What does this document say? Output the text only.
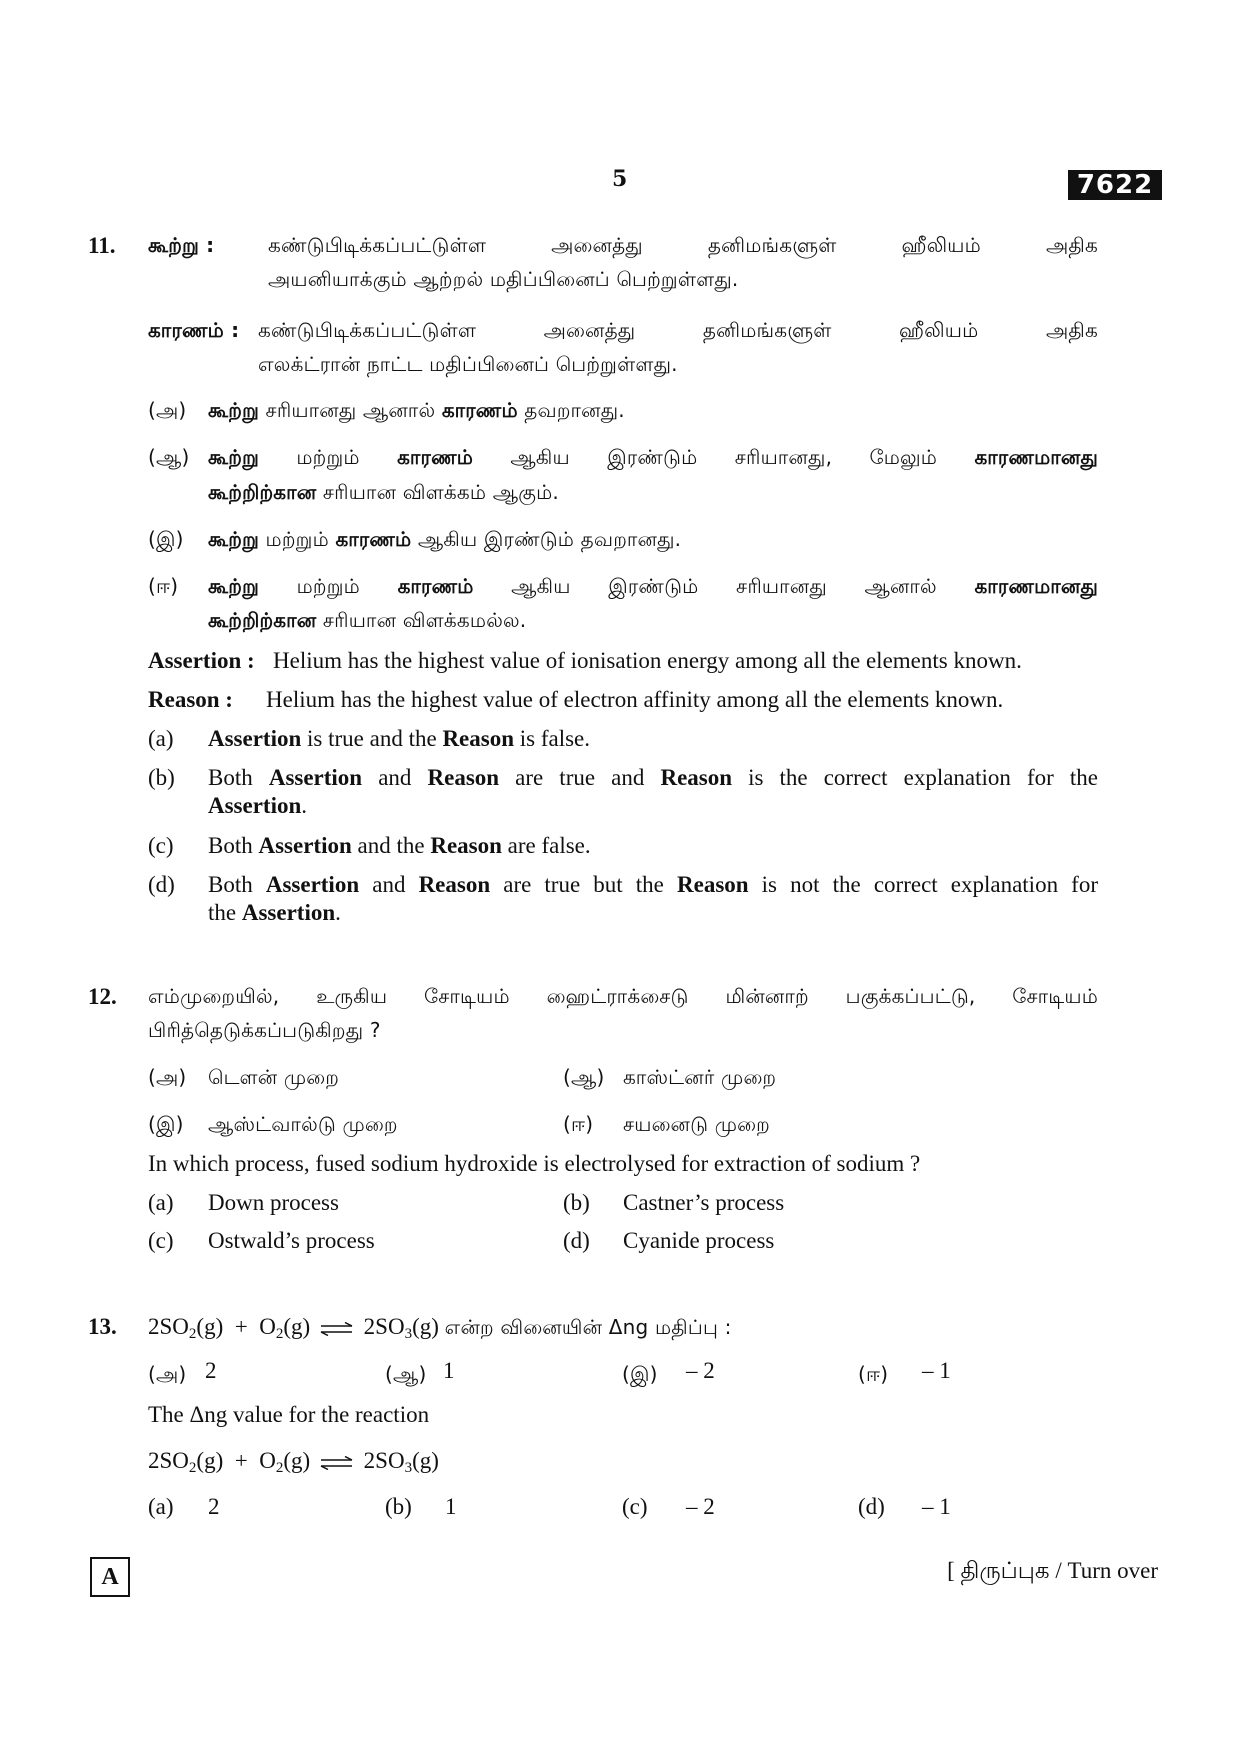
5	7622
11. கூற்று :	கண்டுபிடிக்கப்பட்டுள்ள அனைத்து தனிமங்களுள் ஹீலியம் அதிக
அயனியாக்கும் ஆற்றல் மதிப்பினைப் பெற்றுள்ளது.
காரணம் : கண்டுபிடிக்கப்பட்டுள்ள அனைத்து தனிமங்களுள் ஹீலியம் அதிக
எலக்ட்ரான் நாட்ட மதிப்பினைப் பெற்றுள்ளது.
(அ) கூற்று சரியானது ஆனால் காரணம் தவறானது.
(ஆ) கூற்று மற்றும் காரணம் ஆகிய இரண்டும் சரியானது, மேலும் காரணமானது
கூற்றிற்கான சரியான விளக்கம் ஆகும்.
(இ) கூற்று மற்றும் காரணம் ஆகிய இரண்டும் தவறானது.
(ஈ) கூற்று மற்றும் காரணம் ஆகிய இரண்டும் சரியானது ஆனால் காரணமானது
கூற்றிற்கான சரியான விளக்கமல்ல.
Assertion : Helium has the highest value of ionisation energy among all the elements known.
Reason : Helium has the highest value of electron affinity among all the elements known.
(a) Assertion is true and the Reason is false.
(b) Both Assertion and Reason are true and Reason is the correct explanation for the
Assertion.
(c) Both Assertion and the Reason are false.
(d) Both Assertion and Reason are true but the Reason is not the correct explanation for
the Assertion.
12. எம்முறையில், உருகிய சோடியம் ஹைட்ராக்சைடு மின்னாற் பகுக்கப்பட்டு, சோடியம்
பிரித்தெடுக்கப்படுகிறது ?
(அ) டௌன் முறை	(ஆ) காஸ்ட்னர் முறை
(இ) ஆஸ்ட்வால்டு முறை	(ஈ) சயனைடு முறை
In which process, fused sodium hydroxide is electrolysed for extraction of sodium ?
(a) Down process	(b) Castner’s process
(c) Ostwald’s process	(d) Cyanide process
13. $2SO_2(g) + O_2(g)$ ⇌ $2SO_3(g)$ என்ற வினையின் Δng மதிப்பு :
(அ) 2	(ஆ) 1	(இ) – 2	(ஈ) – 1
The Δng value for the reaction
$2SO_2(g) + O_2(g)$ ⇌ $2SO_3(g)$
(a) 2	(b) 1	(c) – 2	(d) – 1
A	[ திருப்புக / Turn over
